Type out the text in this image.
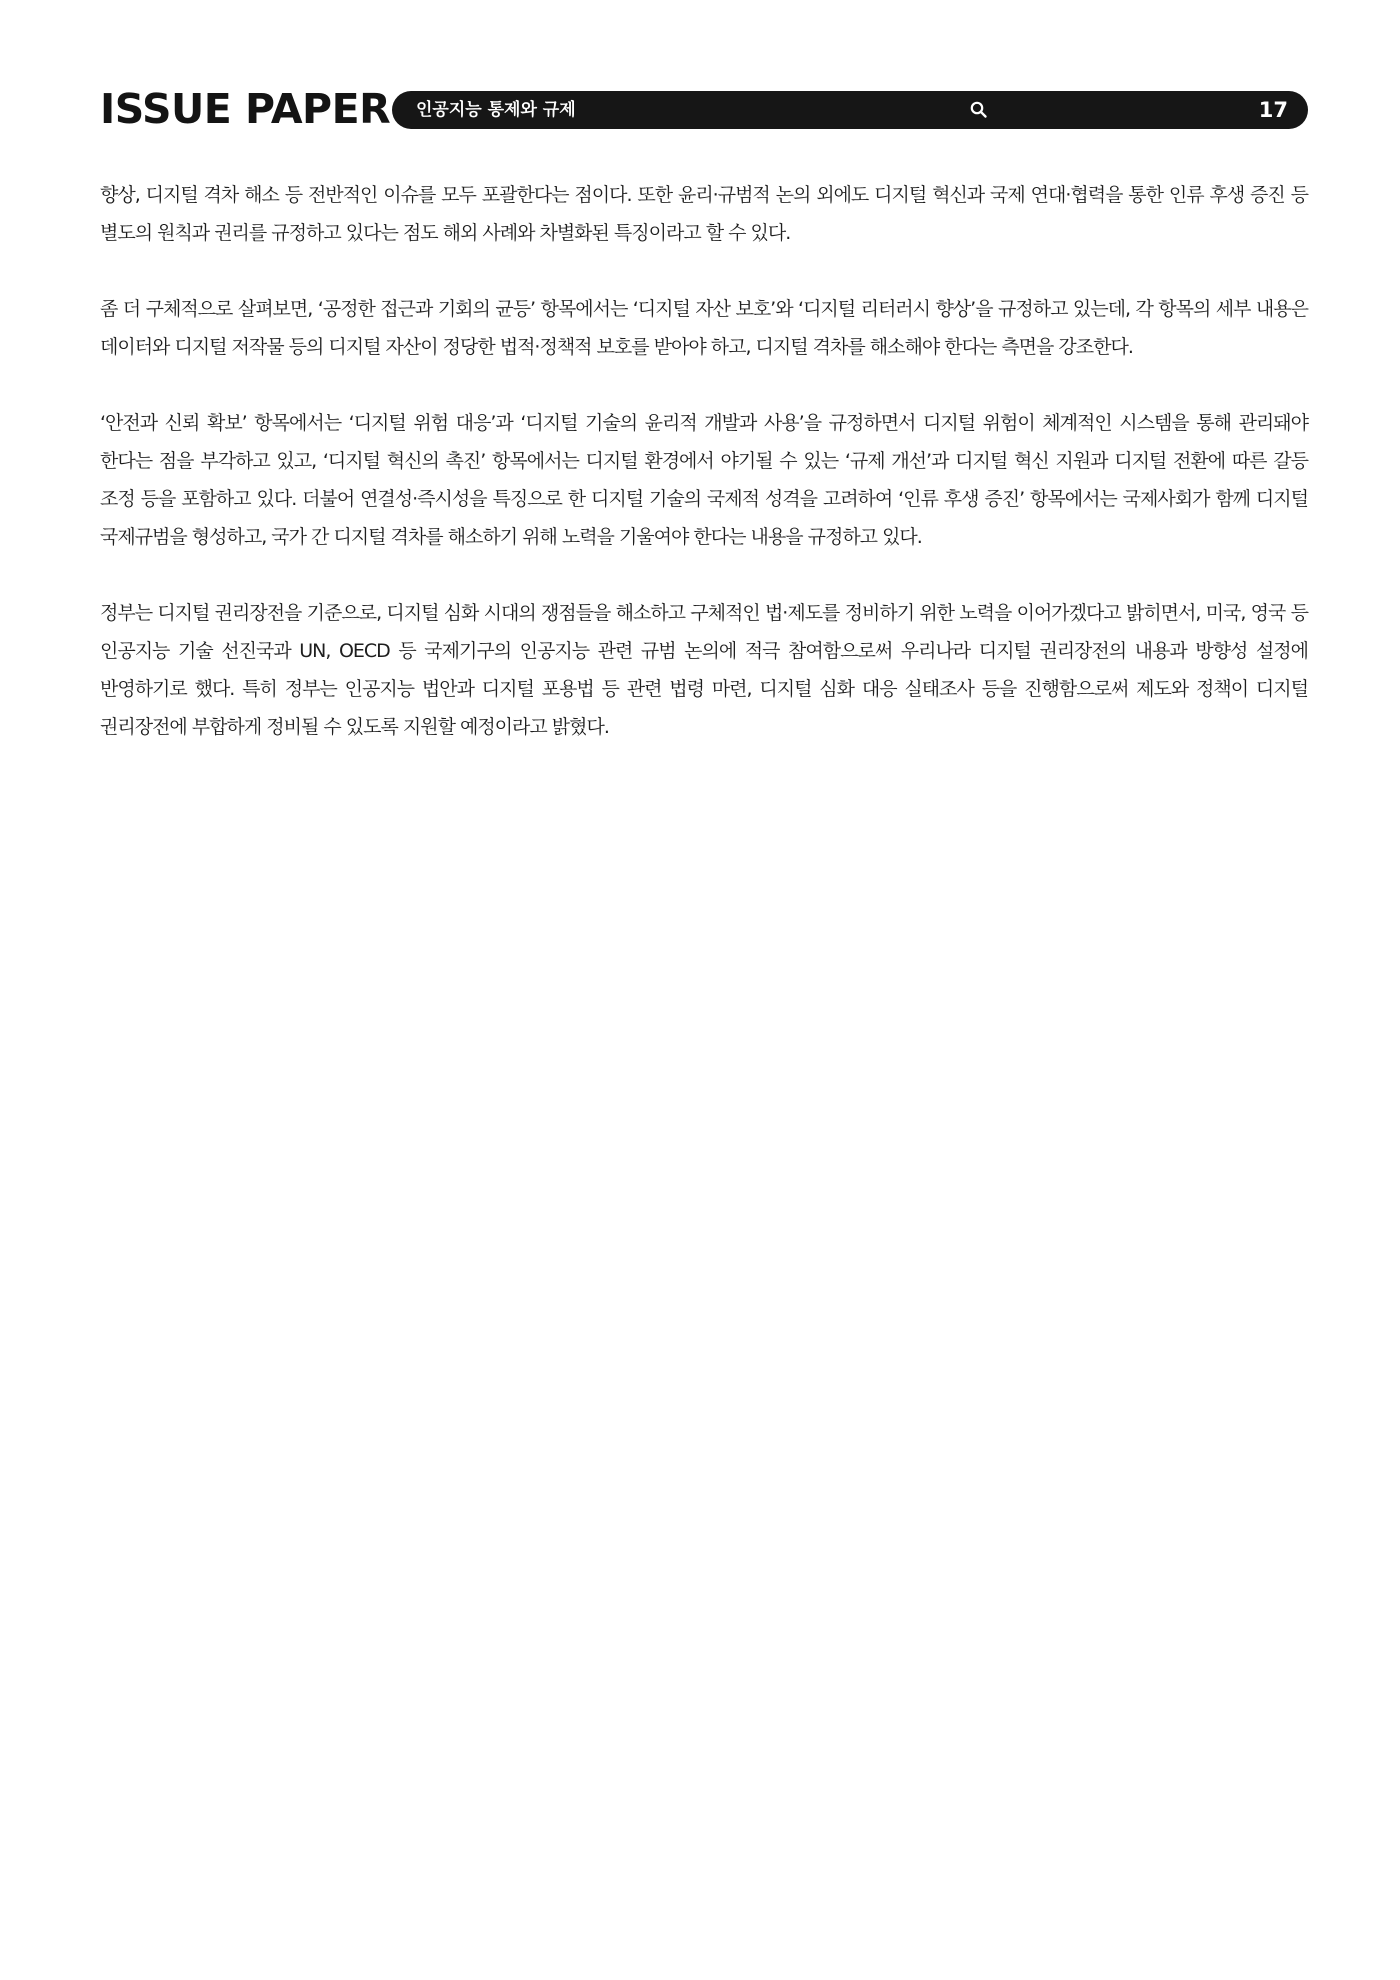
ISSUE PAPER 인공지능 통제와 규제	17

향상, 디지털 격차 해소 등 전반적인 이슈를 모두 포괄한다는 점이다. 또한 윤리·규범적 논의 외에도 디지털 혁신과 국제 연대·협력을 통한 인류 후생 증진 등 별도의 원칙과 권리를 규정하고 있다는 점도 해외 사례와 차별화된 특징이라고 할 수 있다.

좀 더 구체적으로 살펴보면, ‘공정한 접근과 기회의 균등’ 항목에서는 ‘디지털 자산 보호’와 ‘디지털 리터러시 향상’을 규정하고 있는데, 각 항목의 세부 내용은 데이터와 디지털 저작물 등의 디지털 자산이 정당한 법적·정책적 보호를 받아야 하고, 디지털 격차를 해소해야 한다는 측면을 강조한다.

‘안전과 신뢰 확보’ 항목에서는 ‘디지털 위험 대응’과 ‘디지털 기술의 윤리적 개발과 사용’을 규정하면서 디지털 위험이 체계적인 시스템을 통해 관리돼야 한다는 점을 부각하고 있고, ‘디지털 혁신의 촉진’ 항목에서는 디지털 환경에서 야기될 수 있는 ‘규제 개선’과 디지털 혁신 지원과 디지털 전환에 따른 갈등 조정 등을 포함하고 있다. 더불어 연결성·즉시성을 특징으로 한 디지털 기술의 국제적 성격을 고려하여 ‘인류 후생 증진’ 항목에서는 국제사회가 함께 디지털 국제규범을 형성하고, 국가 간 디지털 격차를 해소하기 위해 노력을 기울여야 한다는 내용을 규정하고 있다.

정부는 디지털 권리장전을 기준으로, 디지털 심화 시대의 쟁점들을 해소하고 구체적인 법·제도를 정비하기 위한 노력을 이어가겠다고 밝히면서, 미국, 영국 등 인공지능 기술 선진국과 UN, OECD 등 국제기구의 인공지능 관련 규범 논의에 적극 참여함으로써 우리나라 디지털 권리장전의 내용과 방향성 설정에 반영하기로 했다. 특히 정부는 인공지능 법안과 디지털 포용법 등 관련 법령 마련, 디지털 심화 대응 실태조사 등을 진행함으로써 제도와 정책이 디지털 권리장전에 부합하게 정비될 수 있도록 지원할 예정이라고 밝혔다.
